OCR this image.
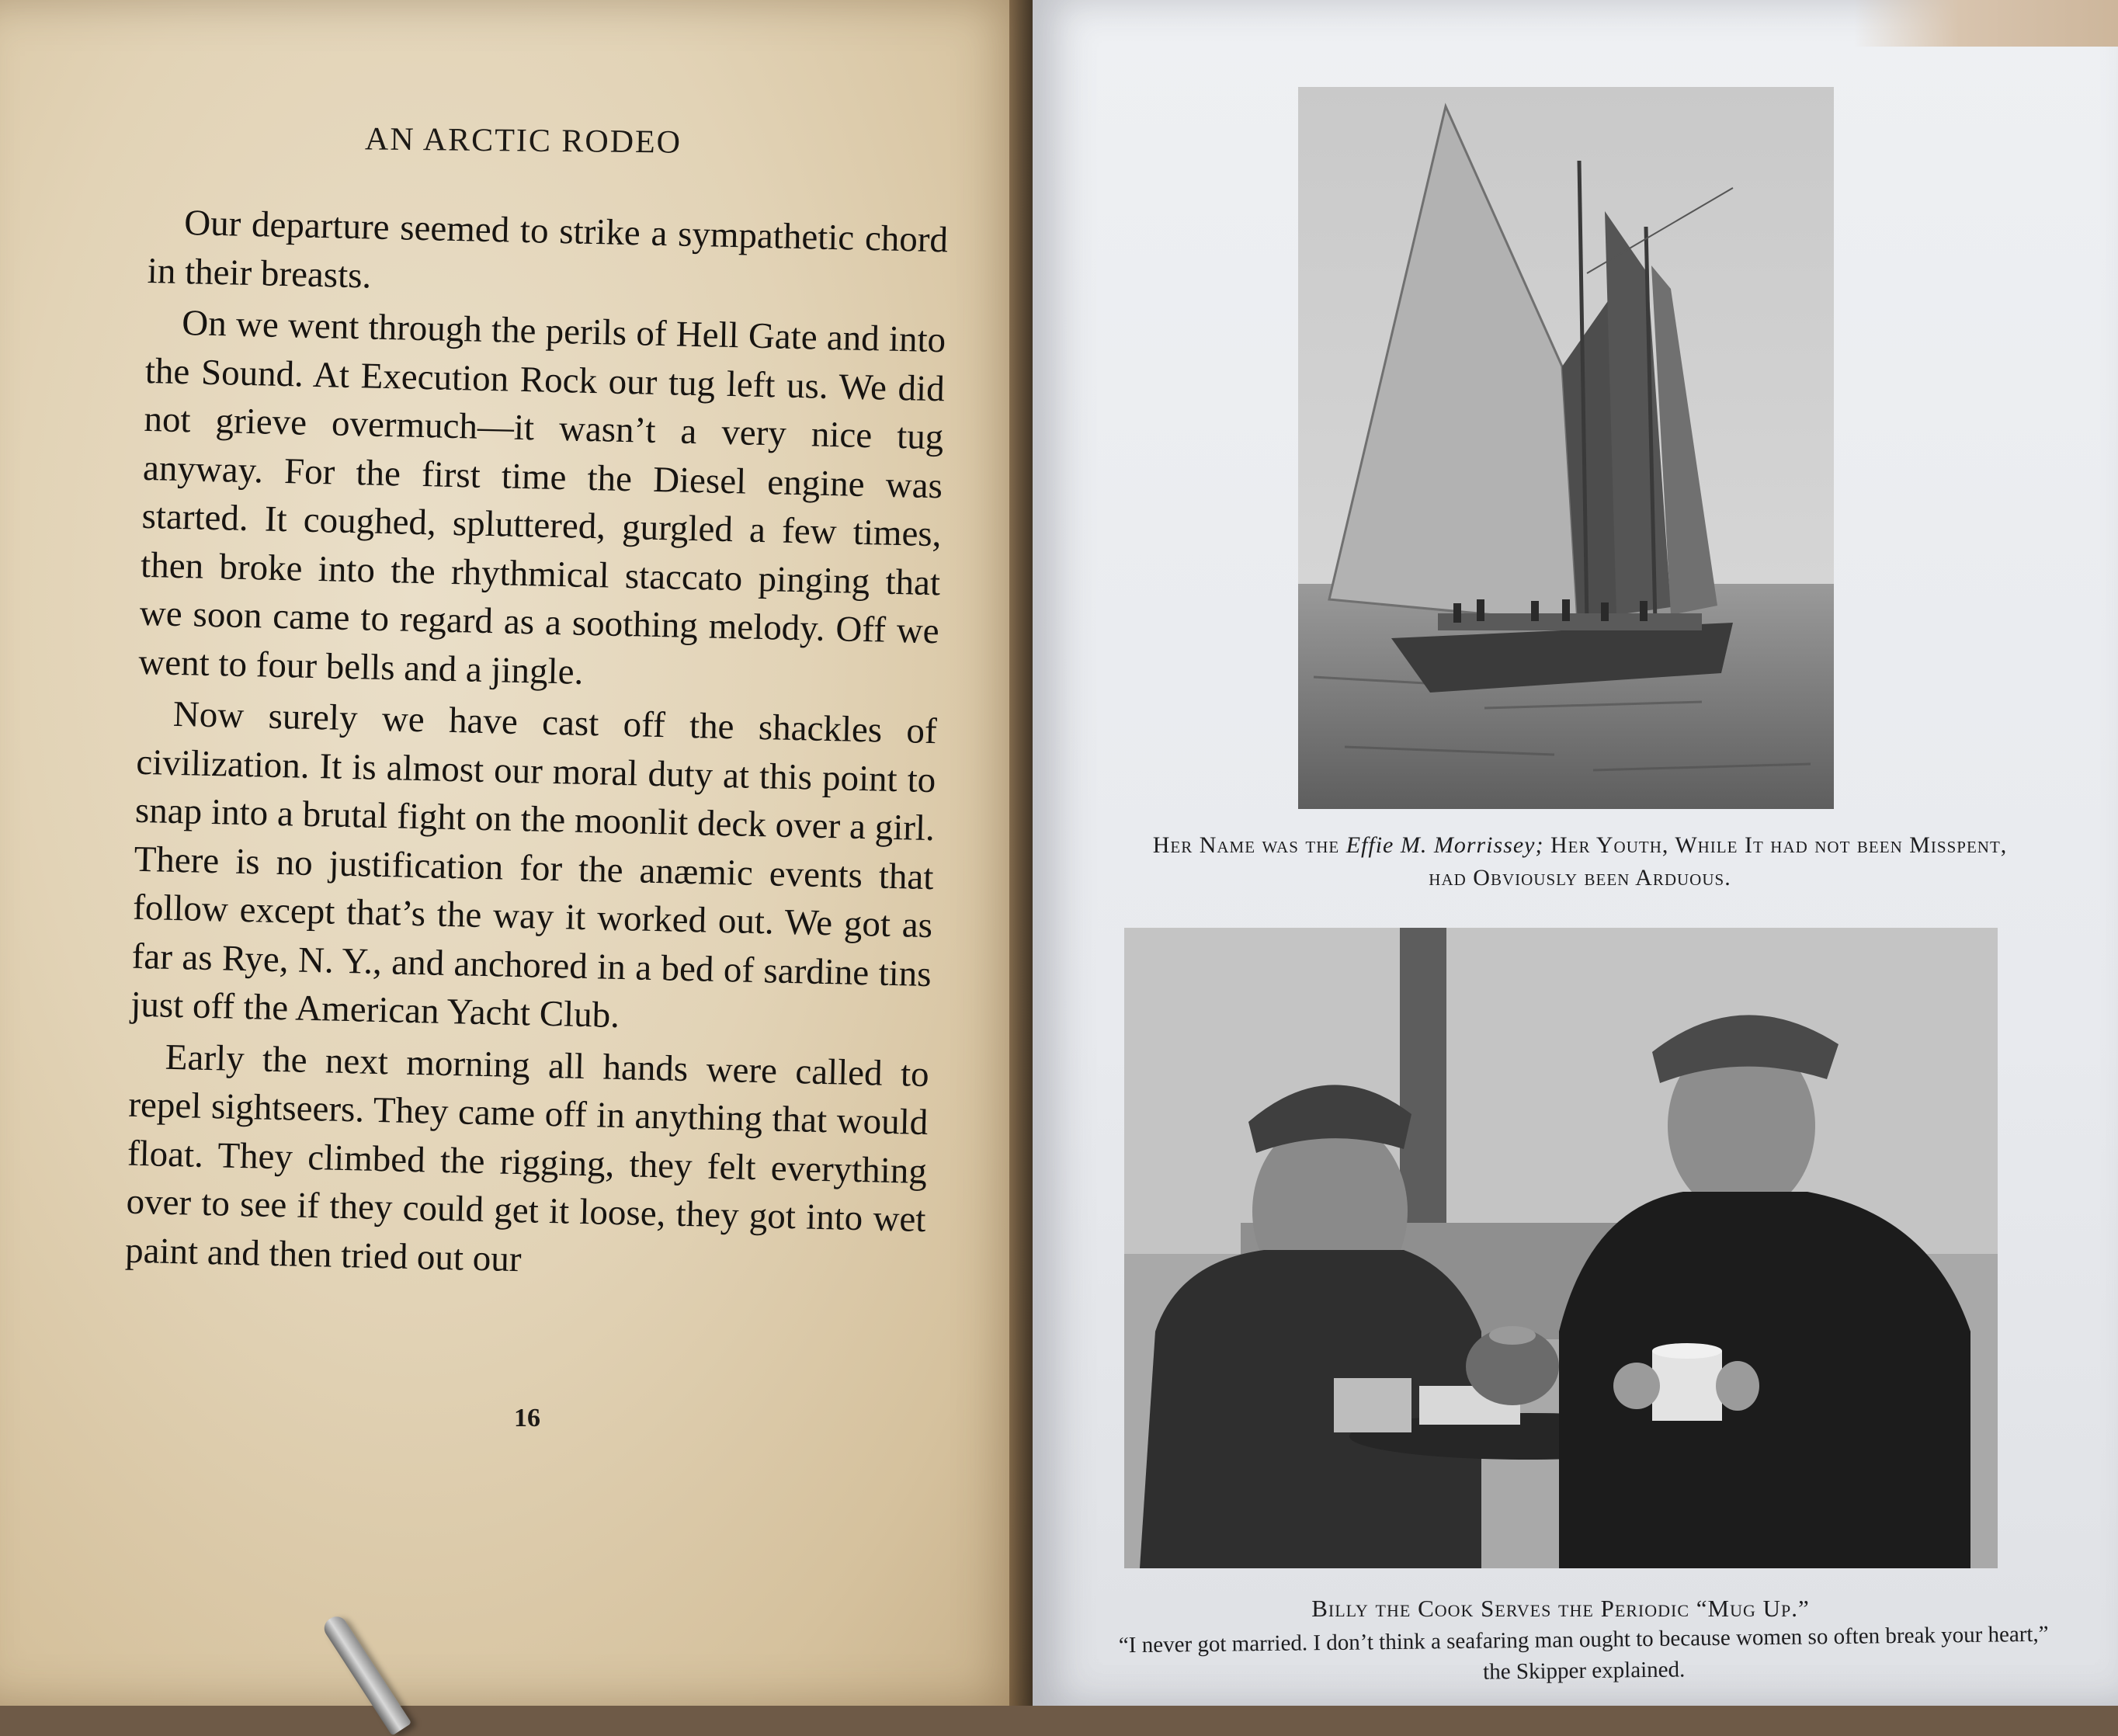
AN ARCTIC RODEO

Our departure seemed to strike a sympathetic chord in their breasts.

On we went through the perils of Hell Gate and into the Sound. At Execution Rock our tug left us. We did not grieve overmuch—it wasn’t a very nice tug anyway. For the first time the Diesel engine was started. It coughed, spluttered, gurgled a few times, then broke into the rhythmical staccato pinging that we soon came to regard as a soothing melody. Off we went to four bells and a jingle.

Now surely we have cast off the shackles of civilization. It is almost our moral duty at this point to snap into a brutal fight on the moonlit deck over a girl. There is no justification for the anæmic events that follow except that’s the way it worked out. We got as far as Rye, N. Y., and anchored in a bed of sardine tins just off the American Yacht Club.

Early the next morning all hands were called to repel sightseers. They came off in anything that would float. They climbed the rigging, they felt everything over to see if they could get it loose, they got into wet paint and then tried out our

16
Her Name was the Effie M. Morrissey; Her Youth, While It had not been Misspent, had Obviously been Arduous.
Billy the Cook Serves the Periodic “Mug Up.”
“I never got married. I don’t think a seafaring man ought to because women so often break your heart,” the Skipper explained.
